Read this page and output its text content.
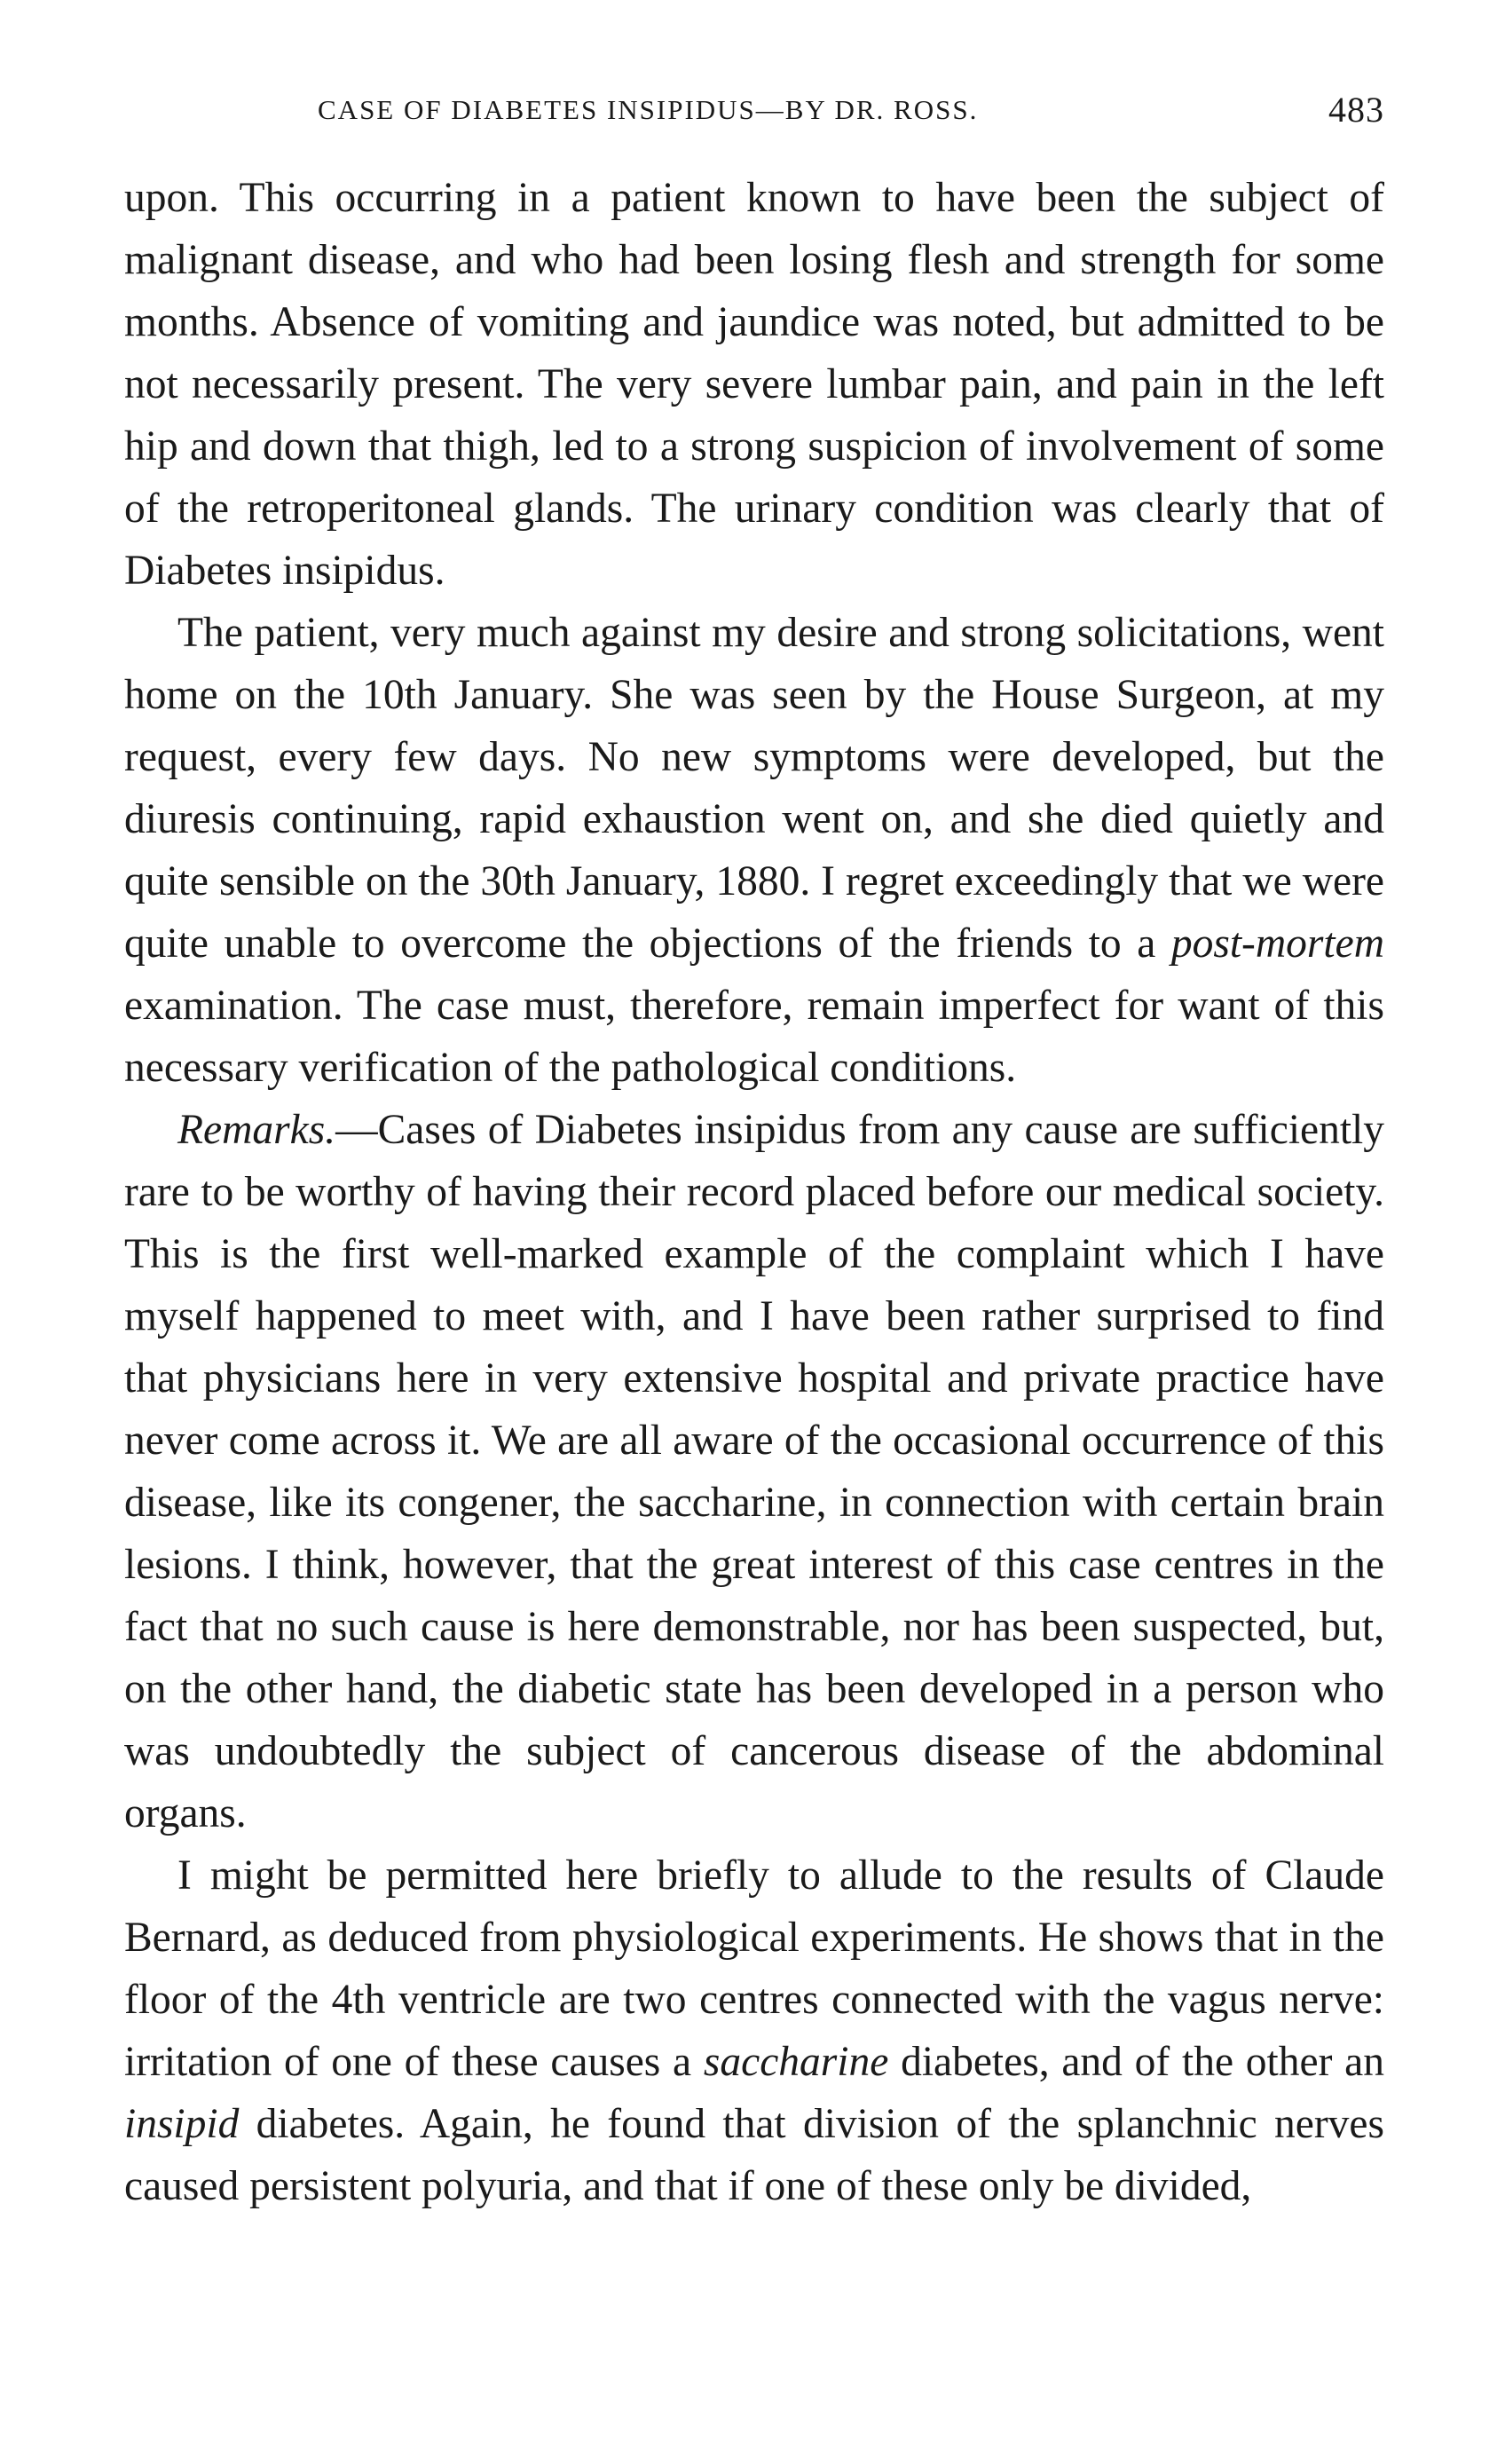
CASE OF DIABETES INSIPIDUS—BY DR. ROSS.	483

upon. This occurring in a patient known to have been the subject of malignant disease, and who had been losing flesh and strength for some months. Absence of vomiting and jaundice was noted, but admitted to be not necessarily present. The very severe lumbar pain, and pain in the left hip and down that thigh, led to a strong suspicion of involvement of some of the retroperitoneal glands. The urinary condition was clearly that of Diabetes insipidus.

The patient, very much against my desire and strong solicitations, went home on the 10th January. She was seen by the House Surgeon, at my request, every few days. No new symptoms were developed, but the diuresis continuing, rapid exhaustion went on, and she died quietly and quite sensible on the 30th January, 1880. I regret exceedingly that we were quite unable to overcome the objections of the friends to a post-mortem examination. The case must, therefore, remain imperfect for want of this necessary verification of the pathological conditions.

Remarks.—Cases of Diabetes insipidus from any cause are sufficiently rare to be worthy of having their record placed before our medical society. This is the first well-marked example of the complaint which I have myself happened to meet with, and I have been rather surprised to find that physicians here in very extensive hospital and private practice have never come across it. We are all aware of the occasional occurrence of this disease, like its congener, the saccharine, in connection with certain brain lesions. I think, however, that the great interest of this case centres in the fact that no such cause is here demonstrable, nor has been suspected, but, on the other hand, the diabetic state has been developed in a person who was undoubtedly the subject of cancerous disease of the abdominal organs.

I might be permitted here briefly to allude to the results of Claude Bernard, as deduced from physiological experiments. He shows that in the floor of the 4th ventricle are two centres connected with the vagus nerve: irritation of one of these causes a saccharine diabetes, and of the other an insipid diabetes. Again, he found that division of the splanchnic nerves caused persistent polyuria, and that if one of these only be divided,
